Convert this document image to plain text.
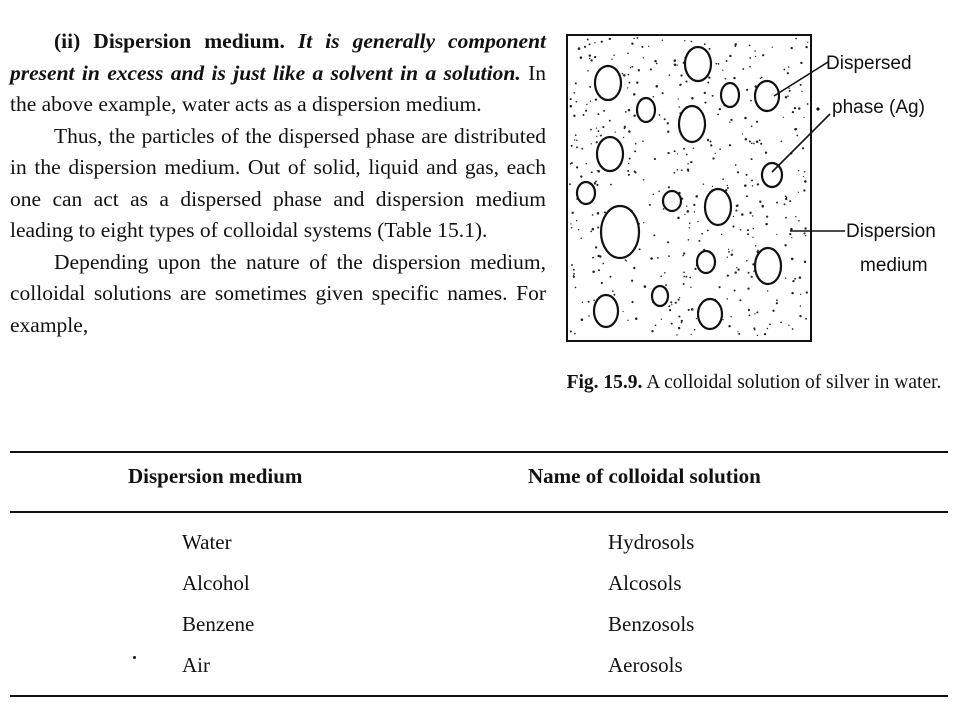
(ii) Dispersion medium. It is generally component present in excess and is just like a solvent in a solution. In the above example, water acts as a dispersion medium.

Thus, the particles of the dispersed phase are distributed in the dispersion medium. Out of solid, liquid and gas, each one can act as a dispersed phase and dispersion medium leading to eight types of colloidal systems (Table 15.1).

Depending upon the nature of the dispersion medium, colloidal solutions are sometimes given specific names. For example,

Dispersed
phase (Ag)
Dispersion
medium
Fig. 15.9. A colloidal solution of silver in water.
Dispersion medium	Name of colloidal solution
Water	Hydrosols
Alcohol	Alcosols
Benzene	Benzosols
Air	Aerosols
